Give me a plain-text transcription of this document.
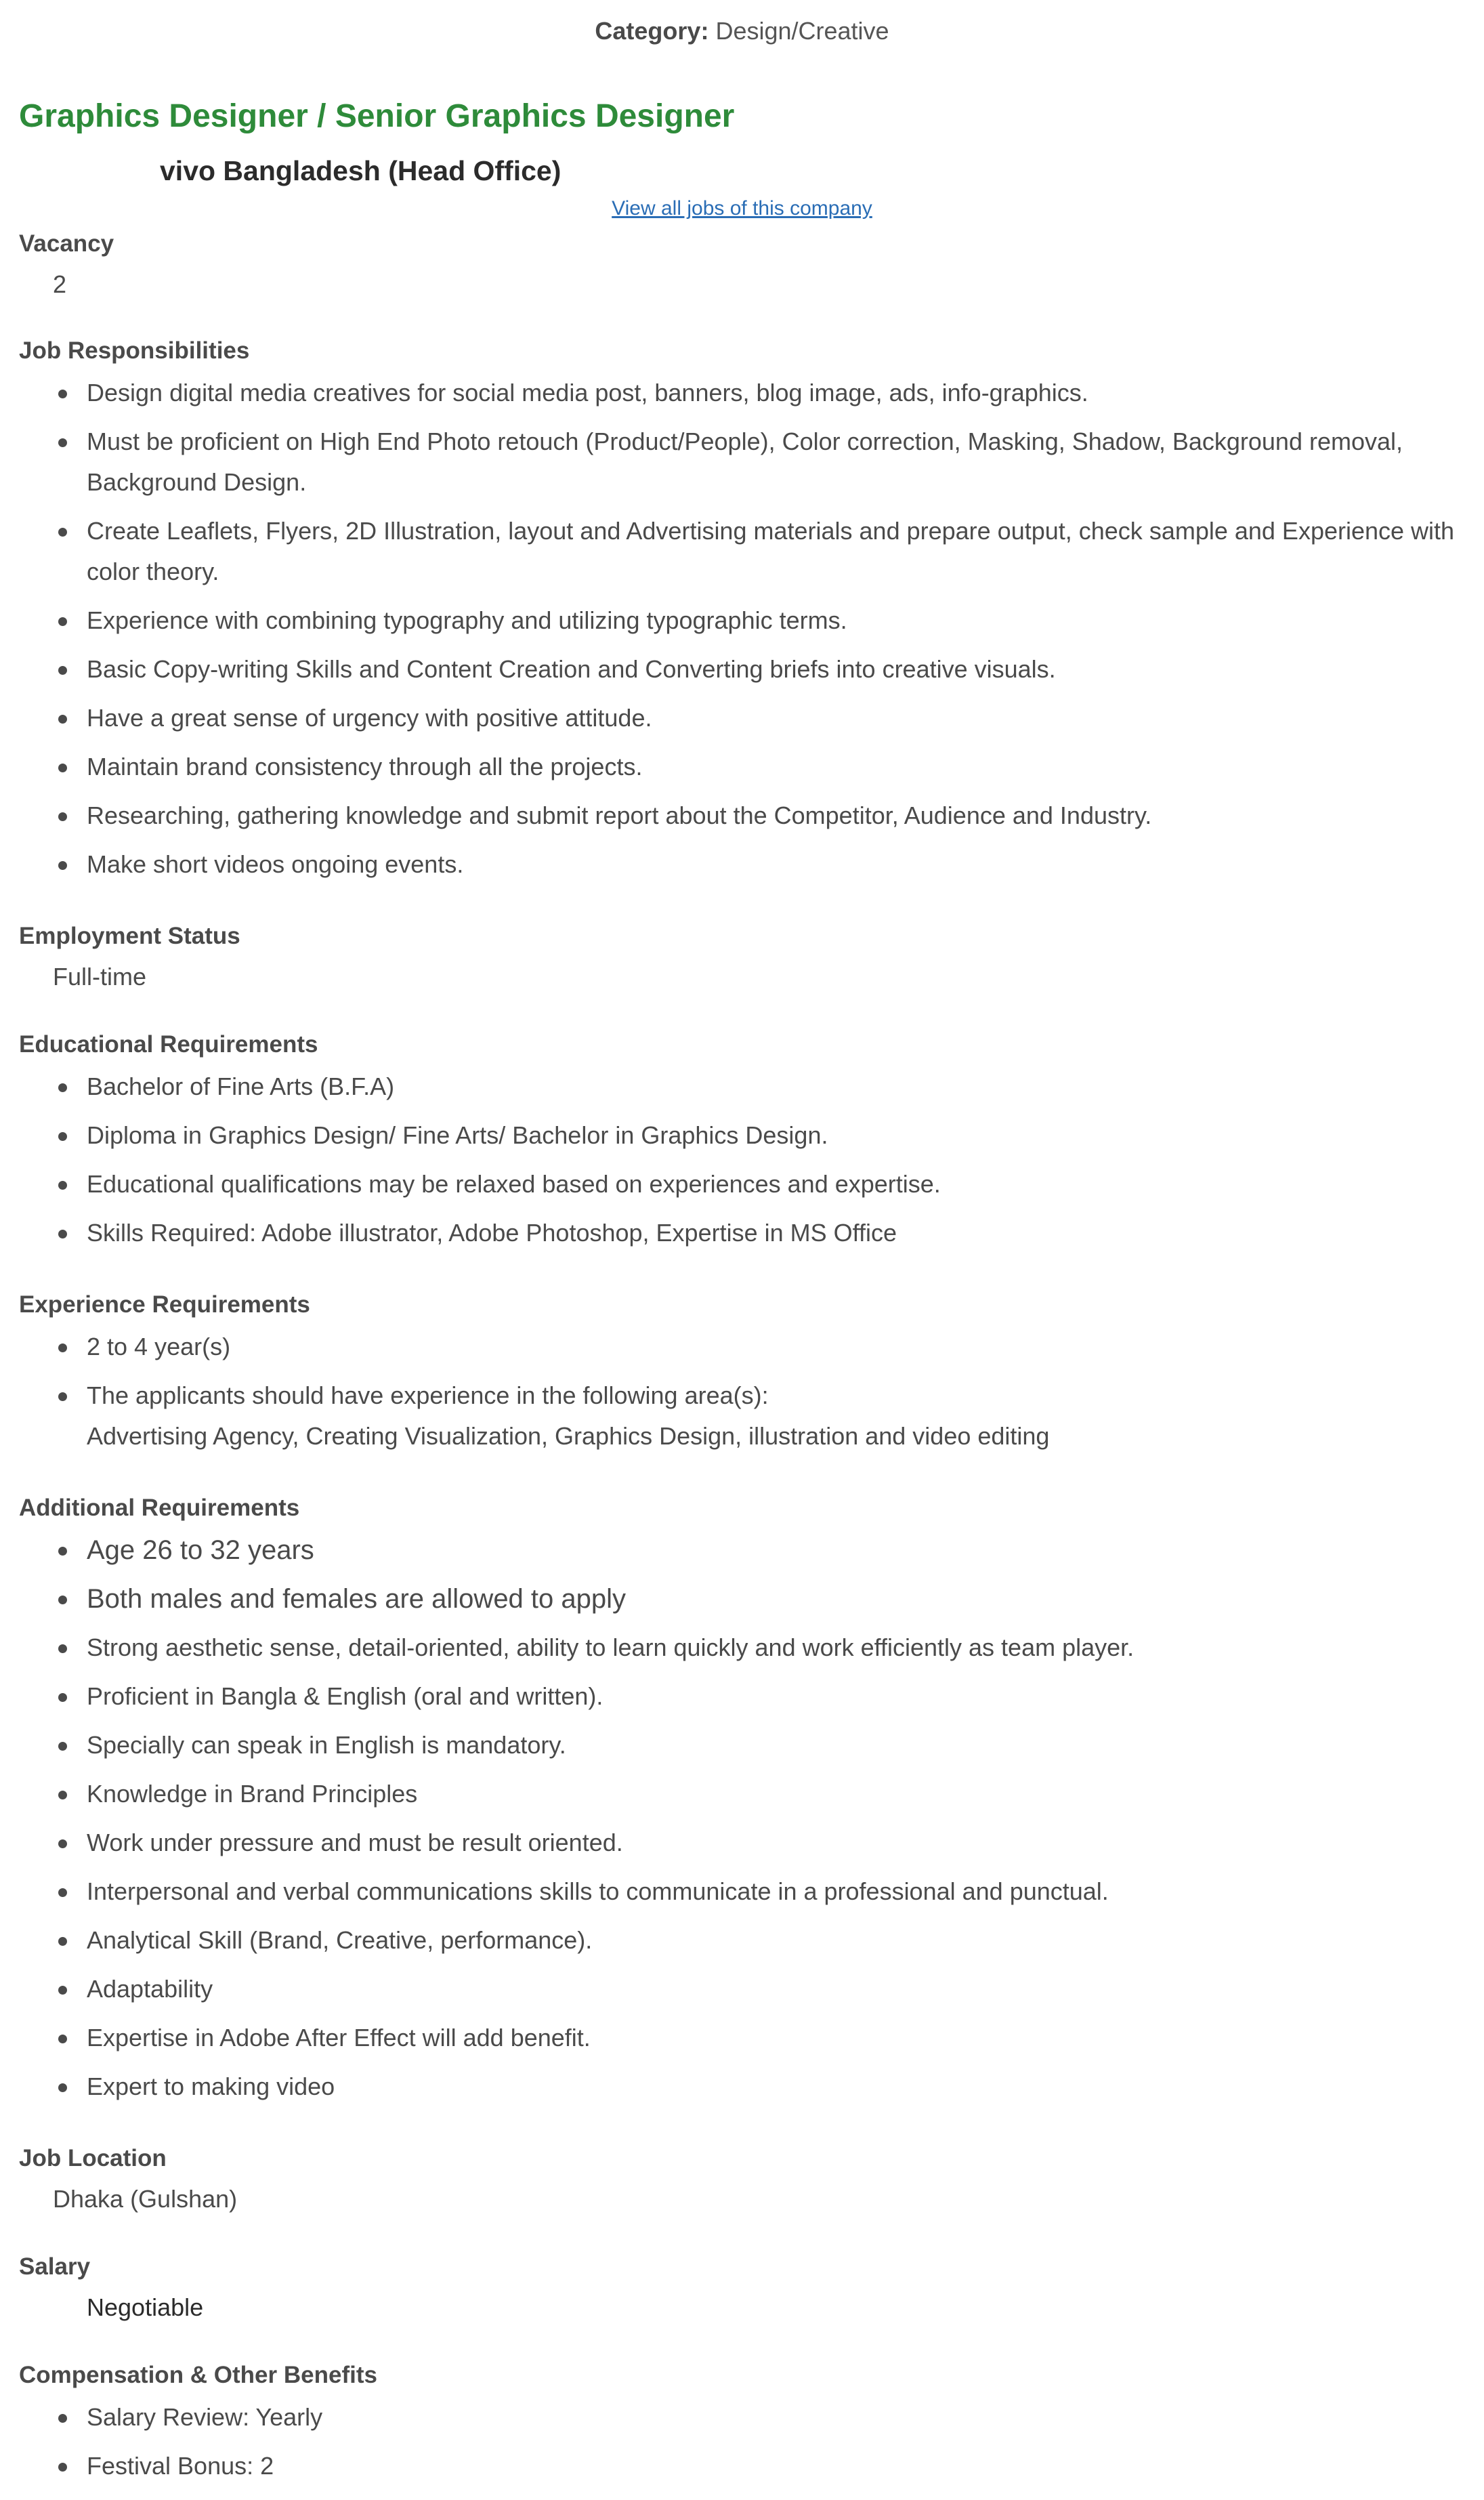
Category: Design/Creative
Graphics Designer / Senior Graphics Designer
vivo Bangladesh (Head Office)
View all jobs of this company
Vacancy
2
Job Responsibilities
Design digital media creatives for social media post, banners, blog image, ads, info-graphics.
Must be proficient on High End Photo retouch (Product/People), Color correction, Masking, Shadow, Background removal, Background Design.
Create Leaflets, Flyers, 2D Illustration, layout and Advertising materials and prepare output, check sample and Experience with color theory.
Experience with combining typography and utilizing typographic terms.
Basic Copy-writing Skills and Content Creation and Converting briefs into creative visuals.
Have a great sense of urgency with positive attitude.
Maintain brand consistency through all the projects.
Researching, gathering knowledge and submit report about the Competitor, Audience and Industry.
Make short videos ongoing events.
Employment Status
Full-time
Educational Requirements
Bachelor of Fine Arts (B.F.A)
Diploma in Graphics Design/ Fine Arts/ Bachelor in Graphics Design.
Educational qualifications may be relaxed based on experiences and expertise.
Skills Required: Adobe illustrator, Adobe Photoshop, Expertise in MS Office
Experience Requirements
2 to 4 year(s)
The applicants should have experience in the following area(s):
Advertising Agency, Creating Visualization, Graphics Design, illustration and video editing
Additional Requirements
Age 26 to 32 years
Both males and females are allowed to apply
Strong aesthetic sense, detail-oriented, ability to learn quickly and work efficiently as team player.
Proficient in Bangla & English (oral and written).
Specially can speak in English is mandatory.
Knowledge in Brand Principles
Work under pressure and must be result oriented.
Interpersonal and verbal communications skills to communicate in a professional and punctual.
Analytical Skill (Brand, Creative, performance).
Adaptability
Expertise in Adobe After Effect will add benefit.
Expert to making video
Job Location
Dhaka (Gulshan)
Salary
Negotiable
Compensation & Other Benefits
Salary Review: Yearly
Festival Bonus: 2
